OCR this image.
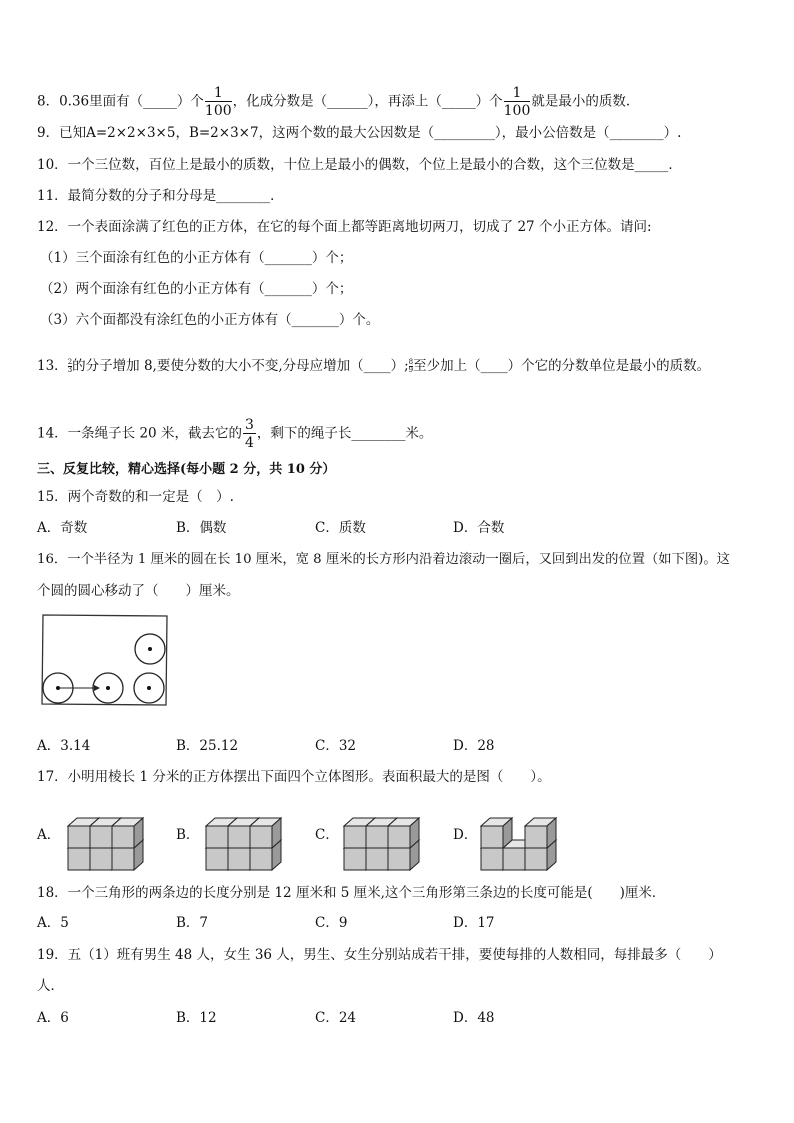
8．0.36里面有（_____）个 $\frac{1}{100}$ ，化成分数是（______），再添上（_____）个 $\frac{1}{100}$ 就是最小的质数.
9．已知A=2×2×3×5，B=2×3×7，这两个数的最大公因数是（_________），最小公倍数是（________）.
10．一个三位数，百位上是最小的质数，十位上是最小的偶数，个位上是最小的合数，这个三位数是_____．
11．最简分数的分子和分母是________．
12．一个表面涂满了红色的正方体，在它的每个面上都等距离地切两刀，切成了 27 个小正方体。请问:
（1）三个面涂有红色的小正方体有（_______）个；
（2）两个面涂有红色的小正方体有（_______）个；
（3）六个面都没有涂红色的小正方体有（_______）个。
13． $\frac{2}{3}$的分子增加 8,要使分数的大小不变,分母应增加（____）; $\frac{8}{9}$至少加上（____）个它的分数单位是最小的质数。
14．一条绳子长 20 米，截去它的 $\frac{3}{4}$ ，剩下的绳子长________米。
三、反复比较，精心选择(每小题 2 分，共 10 分）
15．两个奇数的和一定是（　）.
A．奇数	B．偶数	C．质数	D．合数
16．一个半径为 1 厘米的圆在长 10 厘米，宽 8 厘米的长方形内沿着边滚动一圈后，又回到出发的位置（如下图)。这
个圆的圆心移动了（　　）厘米。
A．3.14	B．25.12	C．32	D．28
17．小明用棱长 1 分米的正方体摆出下面四个立体图形。表面积最大的是图（　　）。
A．	B．	C．	D．
18．一个三角形的两条边的长度分别是 12 厘米和 5 厘米,这个三角形第三条边的长度可能是(　　)厘米．
A．5	B．7	C．9	D．17
19．五（1）班有男生 48 人，女生 36 人，男生、女生分别站成若干排，要使每排的人数相同，每排最多（　　）
人．
A．6	B．12	C．24	D．48
